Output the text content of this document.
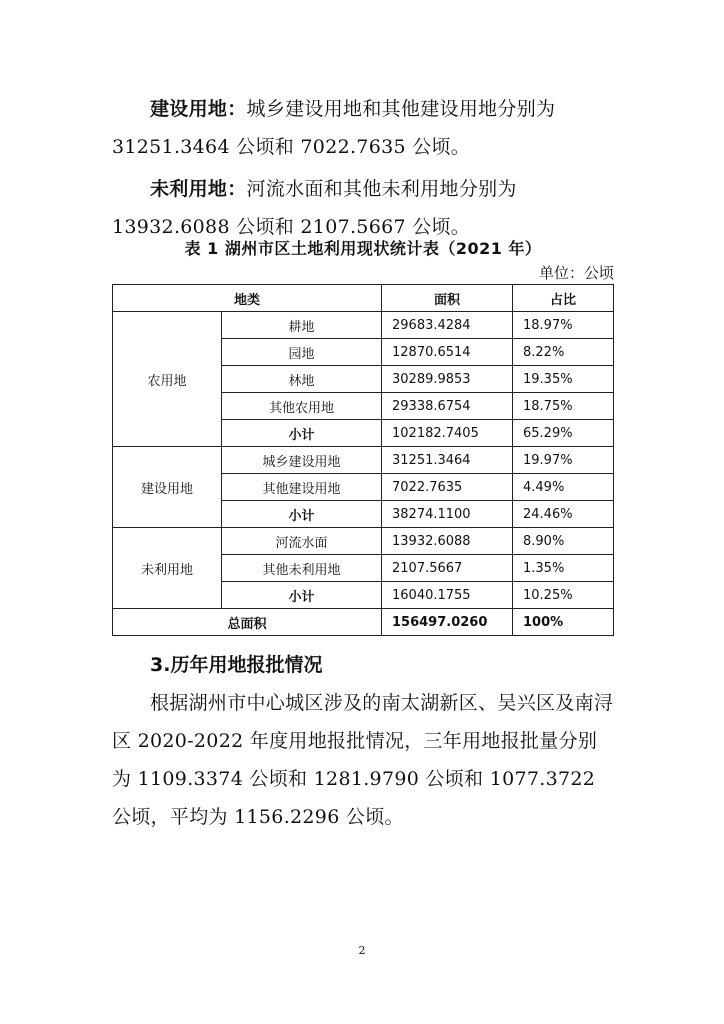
建设用地：城乡建设用地和其他建设用地分别为 31251.3464 公顷和 7022.7635 公顷。
未利用地：河流水面和其他未利用地分别为 13932.6088 公顷和 2107.5667 公顷。
表 1 湖州市区土地利用现状统计表（2021 年）
单位：公顷
地类		面积	占比
农用地	耕地	29683.4284	18.97%
	园地	12870.6514	8.22%
	林地	30289.9853	19.35%
	其他农用地	29338.6754	18.75%
	小计	102182.7405	65.29%
建设用地	城乡建设用地	31251.3464	19.97%
	其他建设用地	7022.7635	4.49%
	小计	38274.1100	24.46%
未利用地	河流水面	13932.6088	8.90%
	其他未利用地	2107.5667	1.35%
	小计	16040.1755	10.25%
总面积		156497.0260	100%
3.历年用地报批情况
根据湖州市中心城区涉及的南太湖新区、吴兴区及南浔区 2020-2022 年度用地报批情况，三年用地报批量分别为 1109.3374 公顷和 1281.9790 公顷和 1077.3722 公顷，平均为 1156.2296 公顷。
2
